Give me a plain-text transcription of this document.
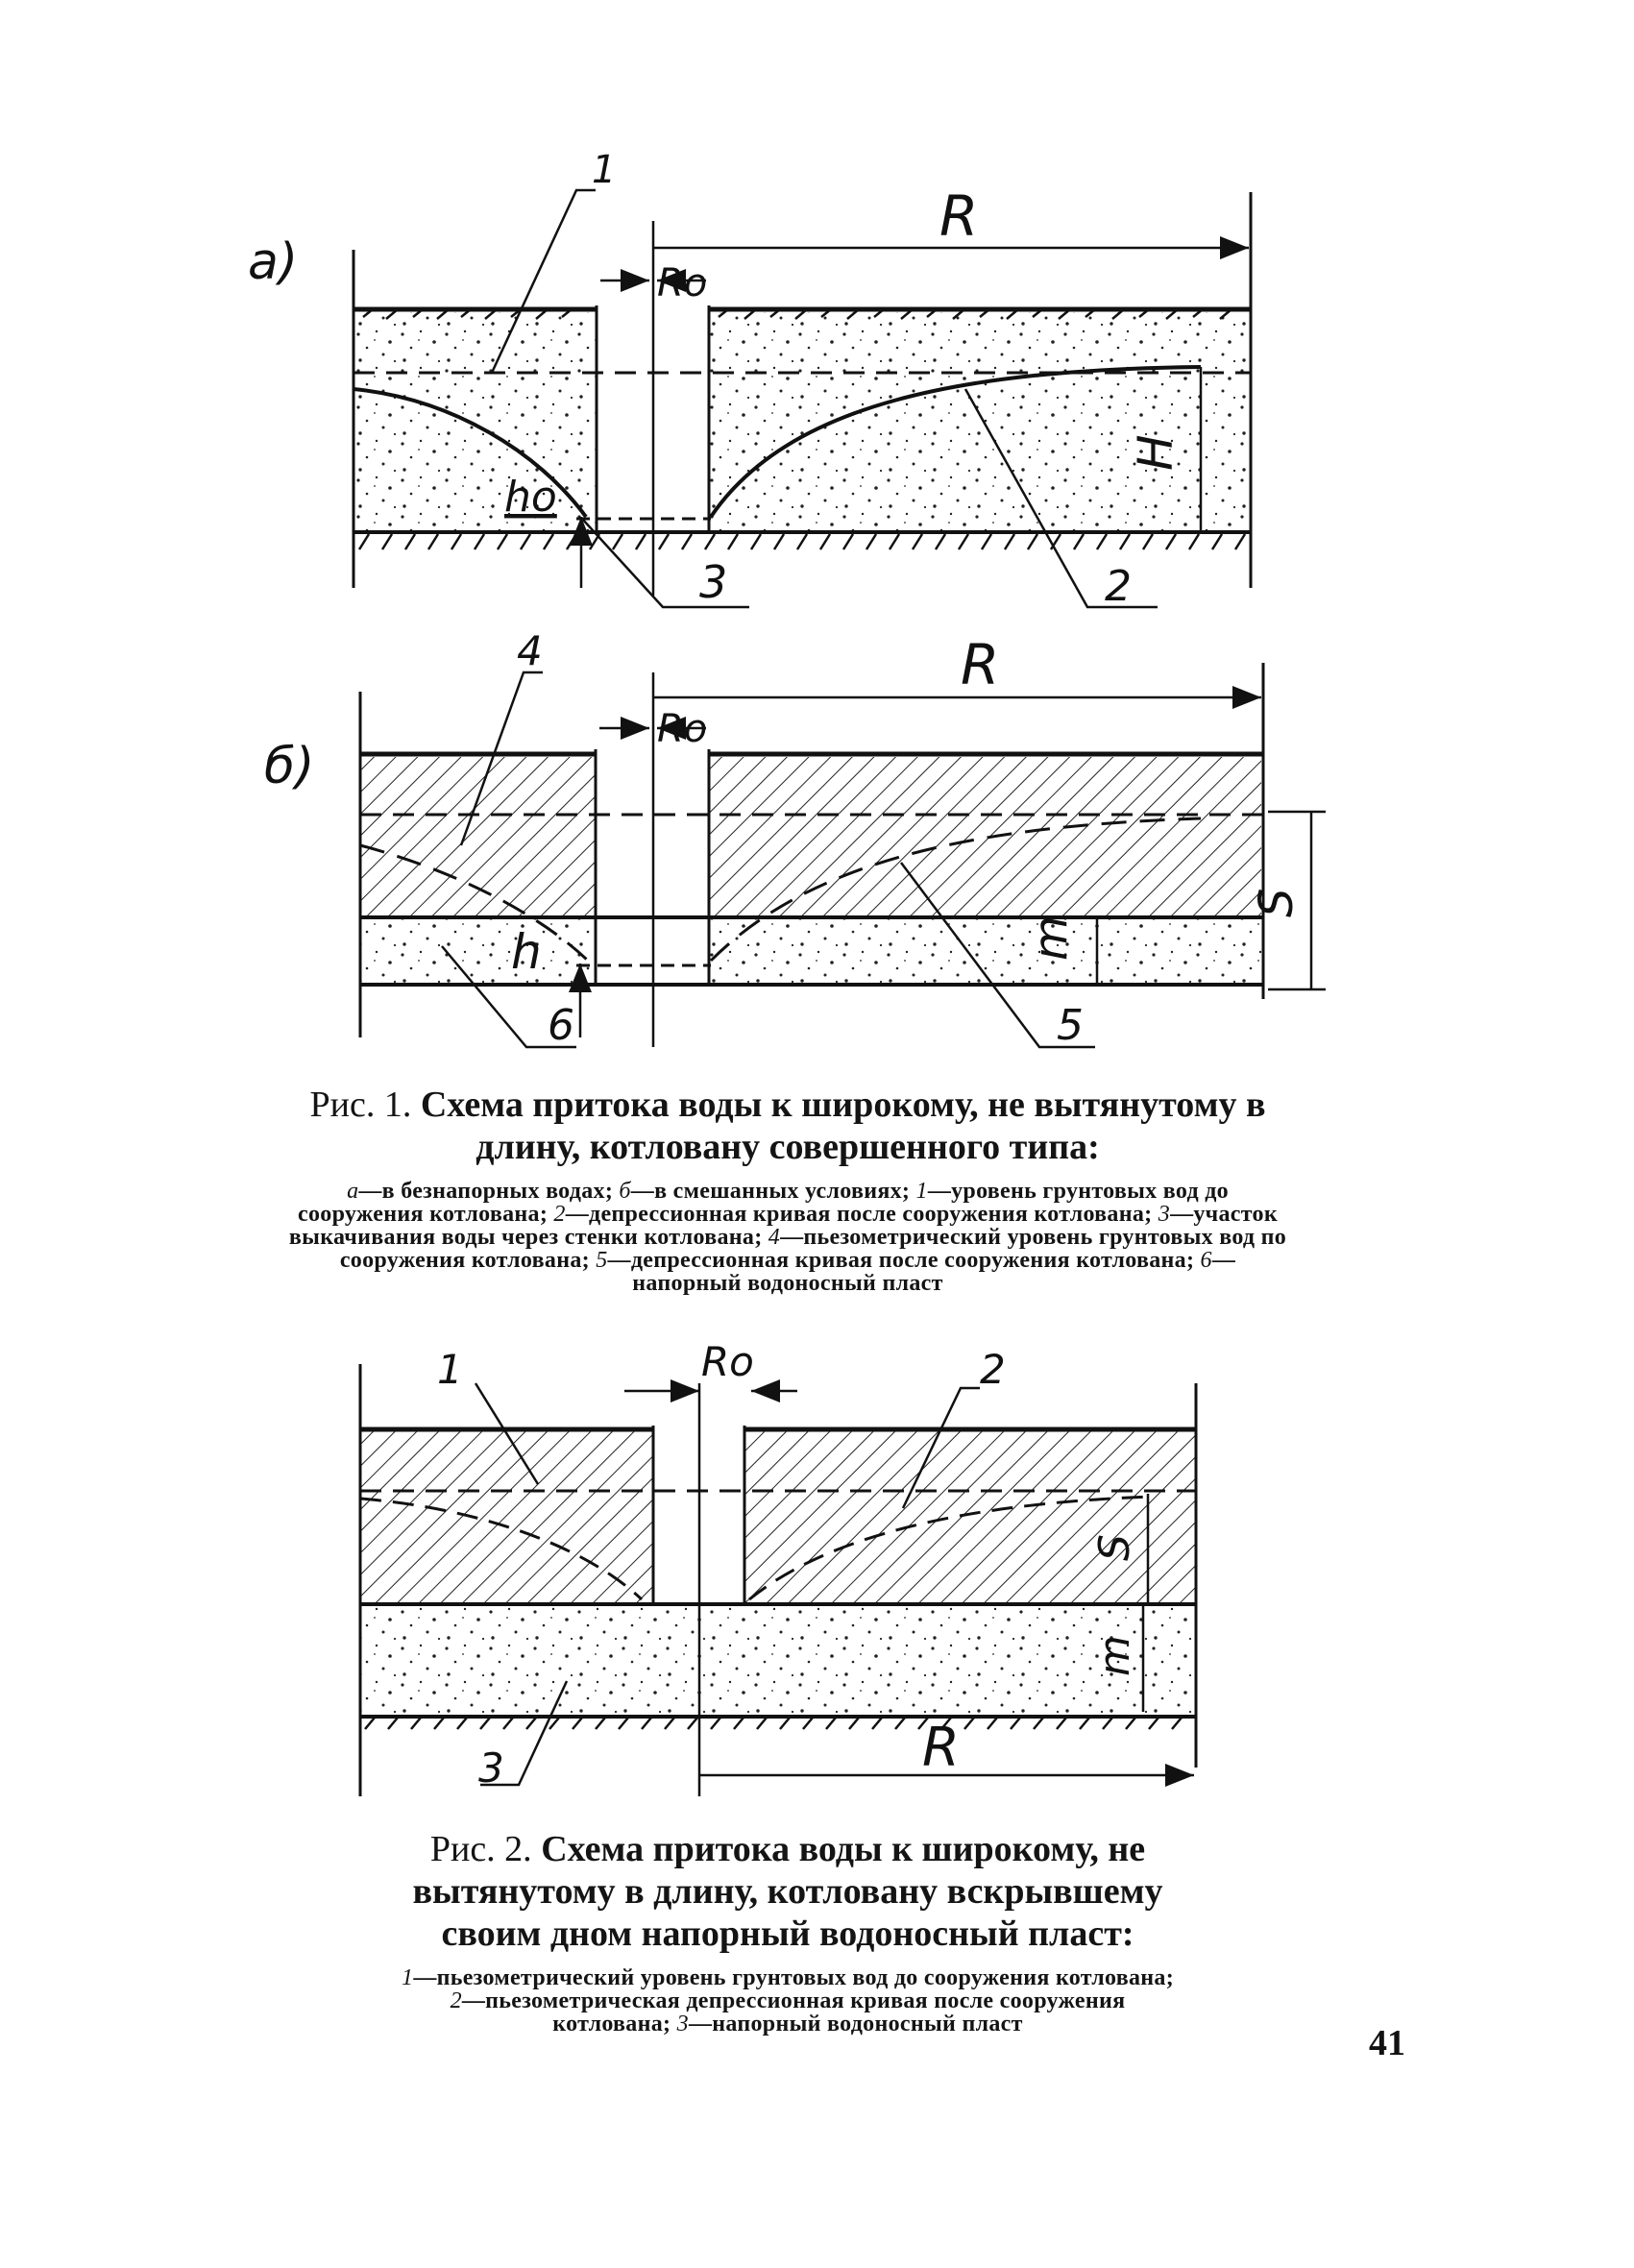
а)
1
R
Ro
ho
H
3	2
б)
4	R
Ro
h	m
S
6	5
Ro
1	2
S
m
3	R
Рис. 1. Схема притока воды к широкому, не вытянутому в длину, котловану совершенного типа:
а—в безнапорных водах; б—в смешанных условиях; 1—уровень грунтовых вод до сооружения котлована; 2—депрессионная кривая после сооружения котлована; 3—участок выкачивания воды через стенки котлована; 4—пьезометрический уровень грунтовых вод по сооружения котлована; 5—депрессионная кривая после сооружения котлована; 6—напорный водоносный пласт
Рис. 2. Схема притока воды к широкому, не вытянутому в длину, котловану вскрывшему своим дном напорный водоносный пласт:
1—пьезометрический уровень грунтовых вод до сооружения котлована; 2—пьезометрическая депрессионная кривая после сооружения котлована; 3—напорный водоносный пласт	41
